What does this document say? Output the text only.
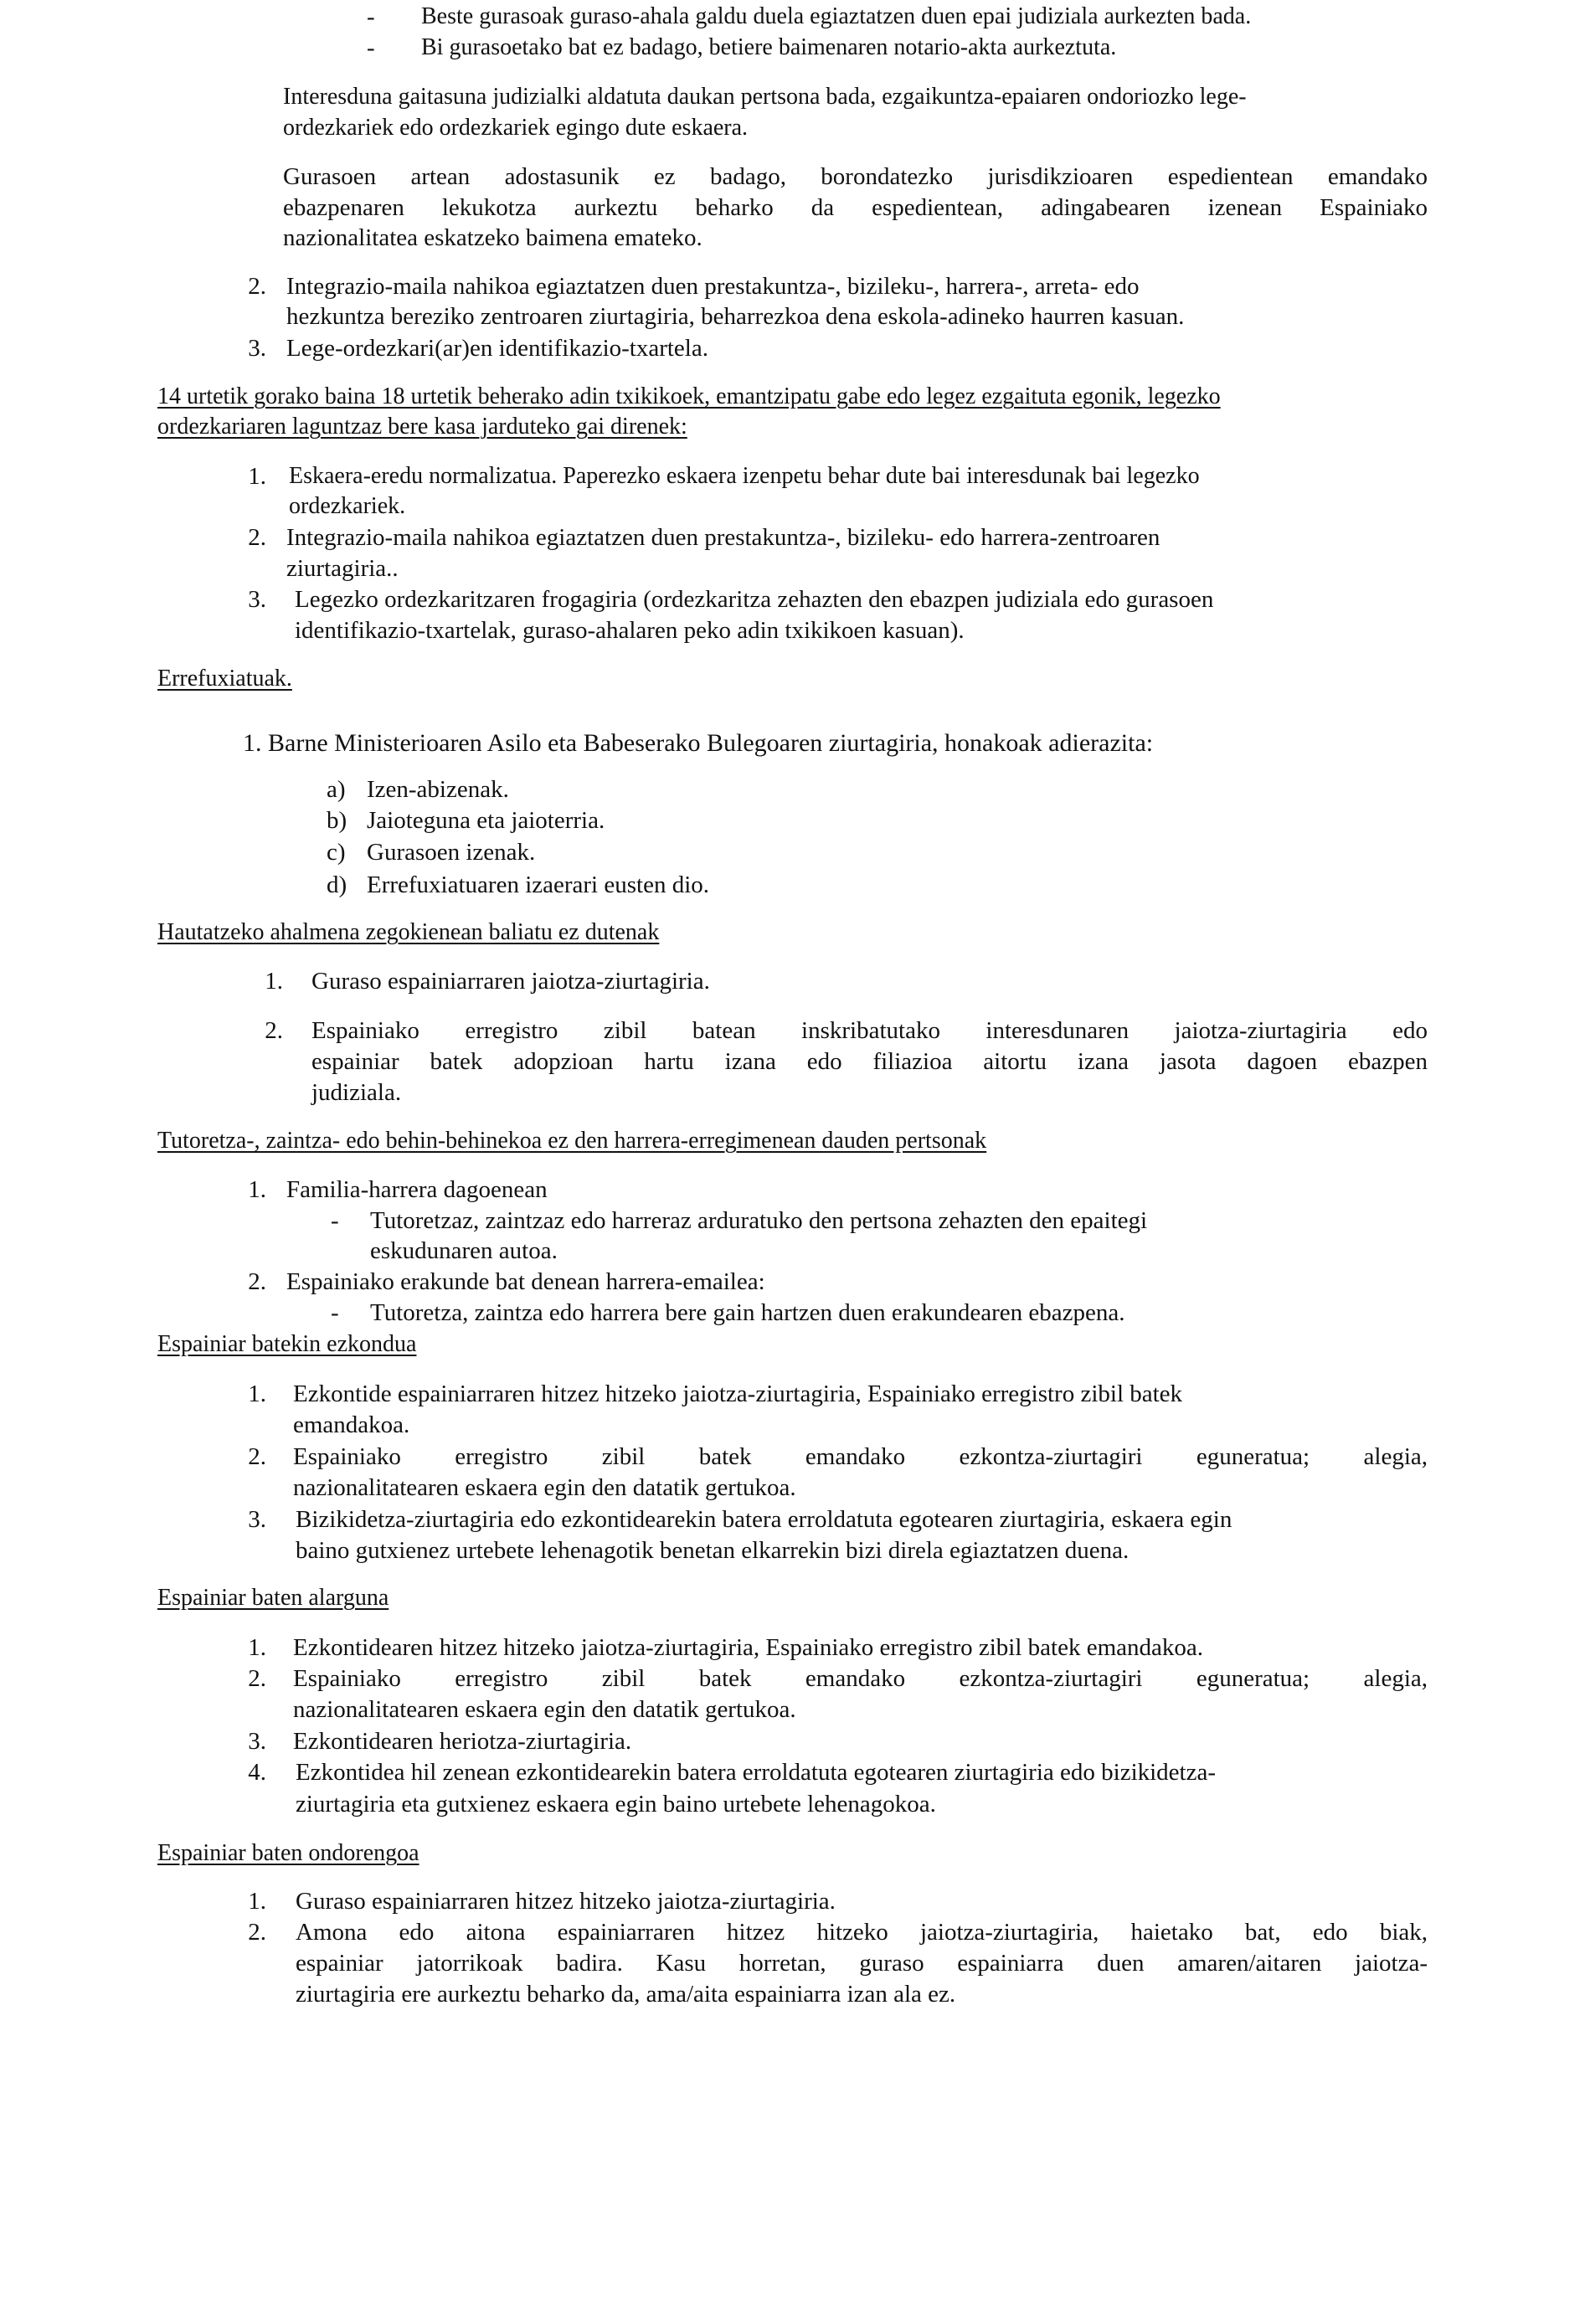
- Beste gurasoak guraso-ahala galdu duela egiaztatzen duen epai judiziala aurkezten bada.
- Bi gurasoetako bat ez badago, betiere baimenaren notario-akta aurkeztuta.
Interesduna gaitasuna judizialki aldatuta daukan pertsona bada, ezgaikuntza-epaiaren ondoriozko lege-
ordezkariek edo ordezkariek egingo dute eskaera.
Gurasoen artean adostasunik ez badago, borondatezko jurisdikzioaren espedientean emandako
ebazpenaren lekukotza aurkeztu beharko da espedientean, adingabearen izenean Espainiako
nazionalitatea eskatzeko baimena emateko.
2. Integrazio-maila nahikoa egiaztatzen duen prestakuntza-, bizileku-, harrera-, arreta- edo
hezkuntza bereziko zentroaren ziurtagiria, beharrezkoa dena eskola-adineko haurren kasuan.
3. Lege-ordezkari(ar)en identifikazio-txartela.
14 urtetik gorako baina 18 urtetik beherako adin txikikoek, emantzipatu gabe edo legez ezgaituta egonik, legezko
ordezkariaren laguntzaz bere kasa jarduteko gai direnek:
1. Eskaera-eredu normalizatua. Paperezko eskaera izenpetu behar dute bai interesdunak bai legezko
ordezkariek.
2. Integrazio-maila nahikoa egiaztatzen duen prestakuntza-, bizileku- edo harrera-zentroaren
ziurtagiria..
3. Legezko ordezkaritzaren frogagiria (ordezkaritza zehazten den ebazpen judiziala edo gurasoen
identifikazio-txartelak, guraso-ahalaren peko adin txikikoen kasuan).
Errefuxiatuak.
1. Barne Ministerioaren Asilo eta Babeserako Bulegoaren ziurtagiria, honakoak adierazita:
a) Izen-abizenak.
b) Jaioteguna eta jaioterria.
c) Gurasoen izenak.
d) Errefuxiatuaren izaerari eusten dio.
Hautatzeko ahalmena zegokienean baliatu ez dutenak
1. Guraso espainiarraren jaiotza-ziurtagiria.
2. Espainiako erregistro zibil batean inskribatutako interesdunaren jaiotza-ziurtagiria edo
espainiar batek adopzioan hartu izana edo filiazioa aitortu izana jasota dagoen ebazpen
judiziala.
Tutoretza-, zaintza- edo behin-behinekoa ez den harrera-erregimenean dauden pertsonak
1. Familia-harrera dagoenean
- Tutoretzaz, zaintzaz edo harreraz arduratuko den pertsona zehazten den epaitegi
eskudunaren autoa.
2. Espainiako erakunde bat denean harrera-emailea:
- Tutoretza, zaintza edo harrera bere gain hartzen duen erakundearen ebazpena.
Espainiar batekin ezkondua
1. Ezkontide espainiarraren hitzez hitzeko jaiotza-ziurtagiria, Espainiako erregistro zibil batek
emandakoa.
2. Espainiako erregistro zibil batek emandako ezkontza-ziurtagiri eguneratua; alegia,
nazionalitatearen eskaera egin den datatik gertukoa.
3. Bizikidetza-ziurtagiria edo ezkontidearekin batera erroldatuta egotearen ziurtagiria, eskaera egin
baino gutxienez urtebete lehenagotik benetan elkarrekin bizi direla egiaztatzen duena.
Espainiar baten alarguna
1. Ezkontidearen hitzez hitzeko jaiotza-ziurtagiria, Espainiako erregistro zibil batek emandakoa.
2. Espainiako erregistro zibil batek emandako ezkontza-ziurtagiri eguneratua; alegia,
nazionalitatearen eskaera egin den datatik gertukoa.
3. Ezkontidearen heriotza-ziurtagiria.
4. Ezkontidea hil zenean ezkontidearekin batera erroldatuta egotearen ziurtagiria edo bizikidetza-
ziurtagiria eta gutxienez eskaera egin baino urtebete lehenagokoa.
Espainiar baten ondorengoa
1. Guraso espainiarraren hitzez hitzeko jaiotza-ziurtagiria.
2. Amona edo aitona espainiarraren hitzez hitzeko jaiotza-ziurtagiria, haietako bat, edo biak,
espainiar jatorrikoak badira. Kasu horretan, guraso espainiarra duen amaren/aitaren jaiotza-
ziurtagiria ere aurkeztu beharko da, ama/aita espainiarra izan ala ez.
